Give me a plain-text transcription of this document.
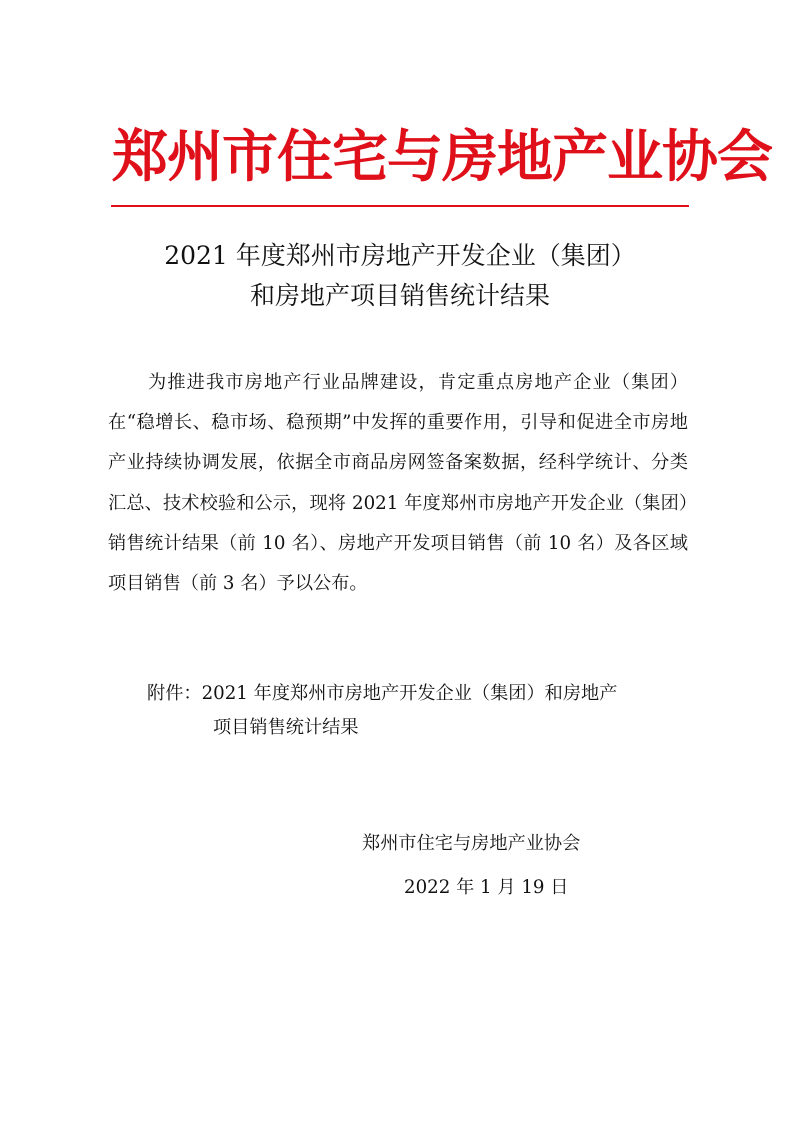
郑州市住宅与房地产业协会
2021 年度郑州市房地产开发企业（集团）
和房地产项目销售统计结果

为推进我市房地产行业品牌建设，肯定重点房地产企业（集团）在“稳增长、稳市场、稳预期”中发挥的重要作用，引导和促进全市房地产业持续协调发展，依据全市商品房网签备案数据，经科学统计、分类汇总、技术校验和公示，现将 2021 年度郑州市房地产开发企业（集团）销售统计结果（前 10 名）、房地产开发项目销售（前 10 名）及各区域项目销售（前 3 名）予以公布。

附件：2021 年度郑州市房地产开发企业（集团）和房地产
项目销售统计结果
郑州市住宅与房地产业协会
2022 年 1 月 19 日
